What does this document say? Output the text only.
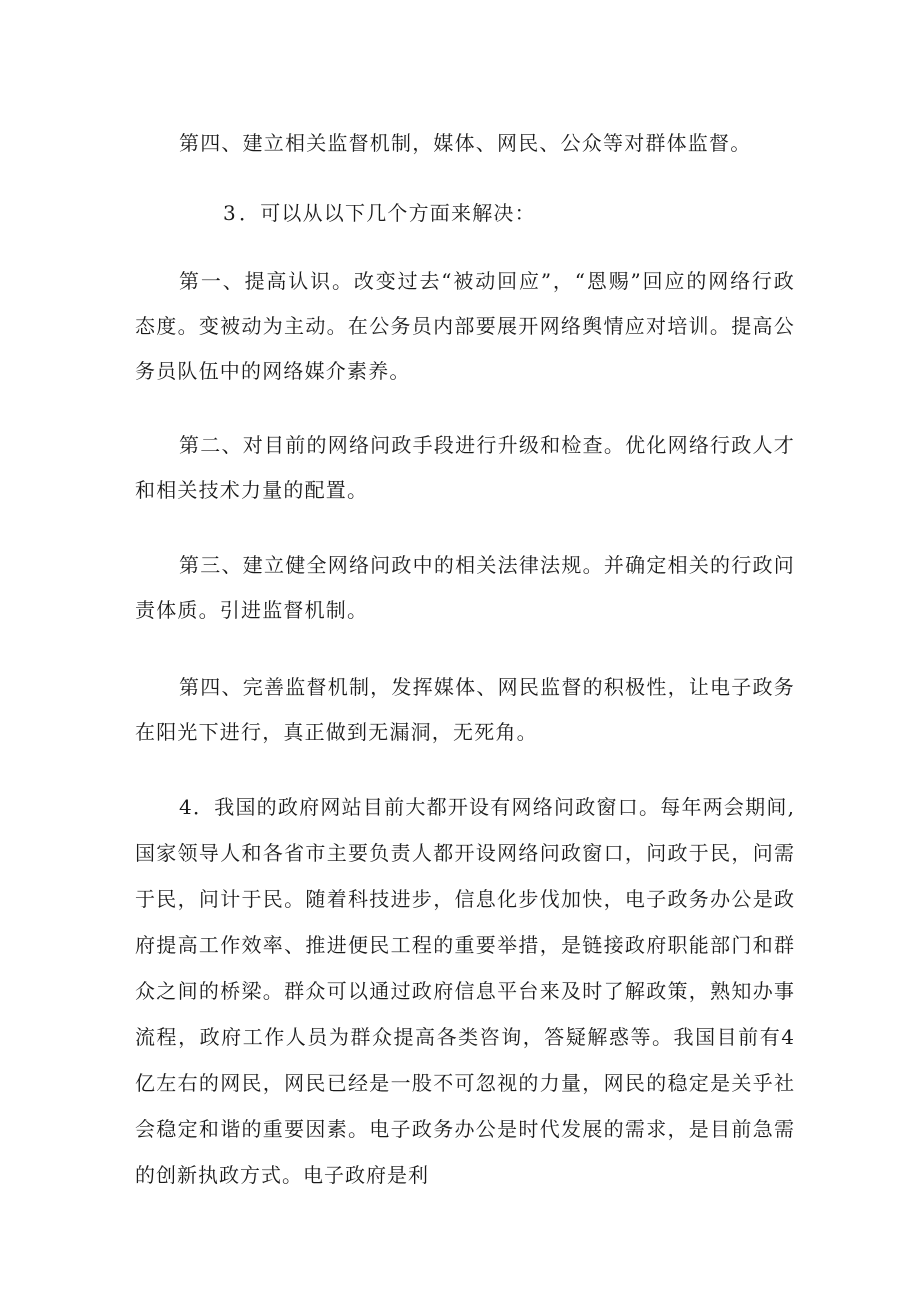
第四、建立相关监督机制，媒体、网民、公众等对群体监督。

3 ．可以从以下几个方面来解决：

第一、提高认识。改变过去“被动回应”，“恩赐”回应的网络行政态度。变被动为主动。在公务员内部要展开网络舆情应对培训。提高公务员队伍中的网络媒介素养。

第二、对目前的网络问政手段进行升级和检查。优化网络行政人才和相关技术力量的配置。

第三、建立健全网络问政中的相关法律法规。并确定相关的行政问责体质。引进监督机制。

第四、完善监督机制，发挥媒体、网民监督的积极性，让电子政务在阳光下进行，真正做到无漏洞，无死角。

4．我国的政府网站目前大都开设有网络问政窗口。每年两会期间,国家领导人和各省市主要负责人都开设网络问政窗口，问政于民，问需于民，问计于民。随着科技进步，信息化步伐加快，电子政务办公是政府提高工作效率、推进便民工程的重要举措，是链接政府职能部门和群众之间的桥梁。群众可以通过政府信息平台来及时了解政策，熟知办事流程，政府工作人员为群众提高各类咨询，答疑解惑等。我国目前有4亿左右的网民，网民已经是一股不可忽视的力量，网民的稳定是关乎社会稳定和谐的重要因素。电子政务办公是时代发展的需求，是目前急需的创新执政方式。电子政府是利
